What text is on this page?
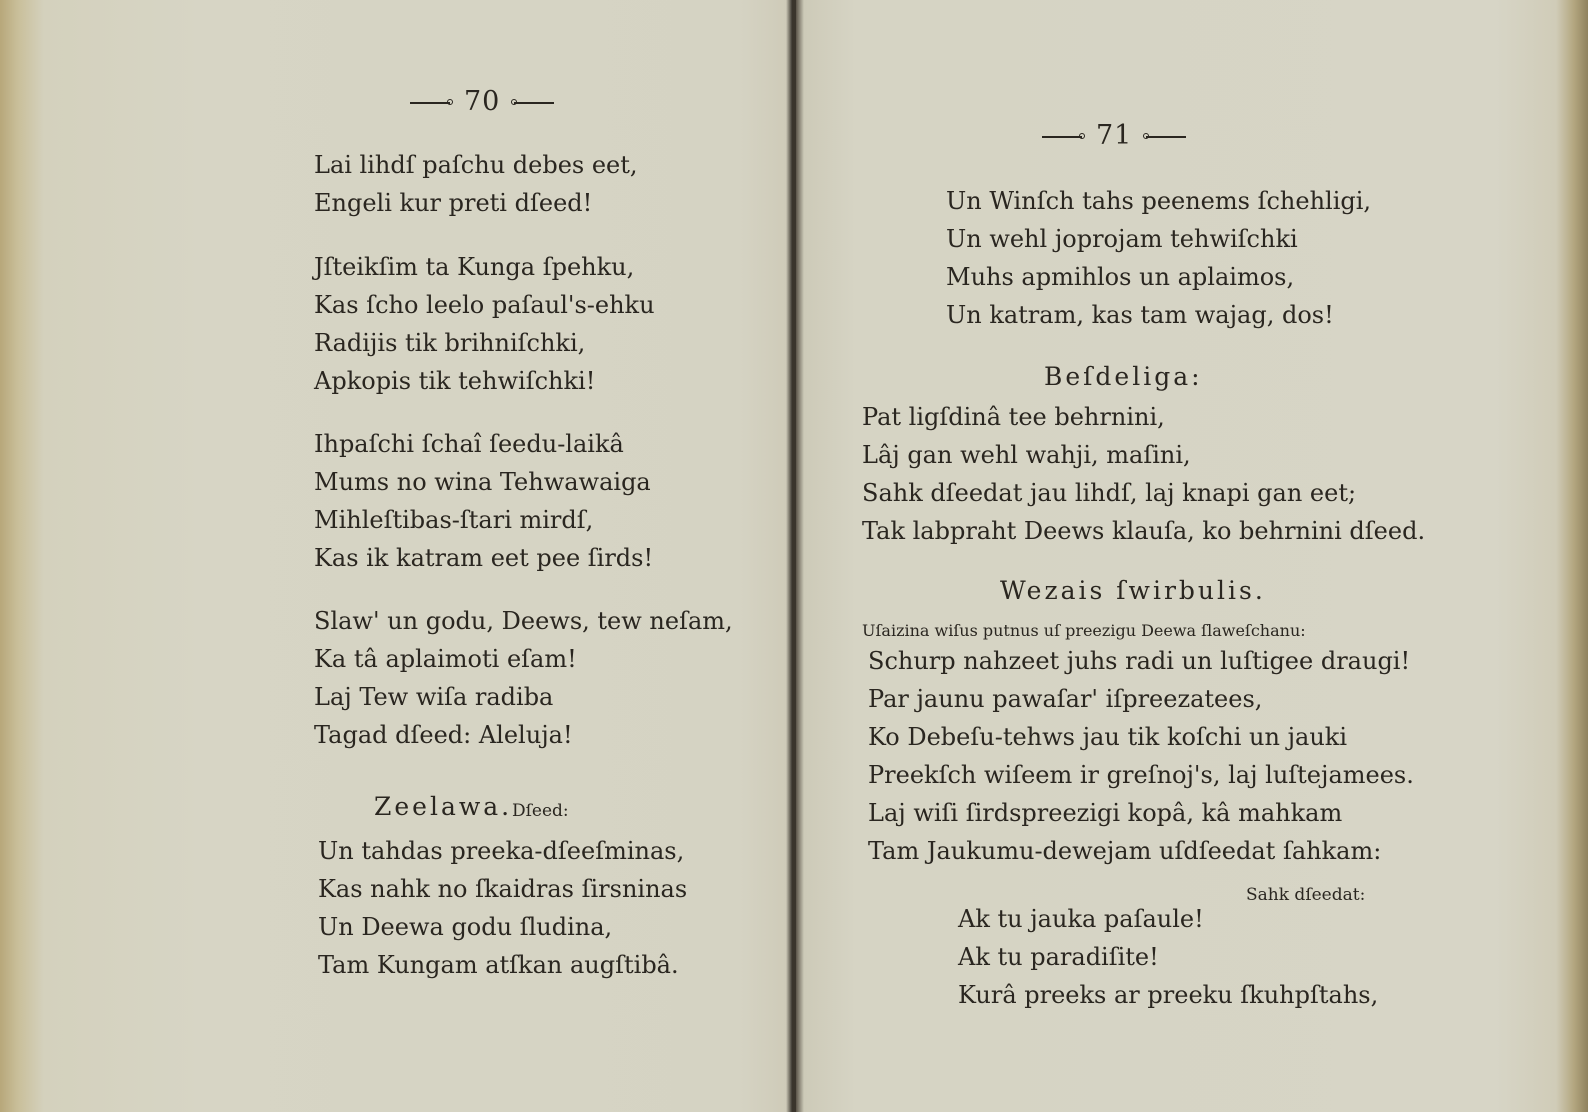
70
Lai lihdſ paſchu debes eet,
Engeli kur preti dſeed!
Jſteikſim ta Kunga ſpehku,
Kas ſcho leelo paſaul's-ehku
Radijis tik brihniſchki,
Apkopis tik tehwiſchki!
Ihpaſchi ſchaî ſeedu-laikâ
Mums no wina Tehwawaiga
Mihleſtibas-ſtari mirdſ,
Kas ik katram eet pee ſirds!
Slaw' un godu, Deews, tew neſam,
Ka tâ aplaimoti eſam!
Laj Tew wiſa radiba
Tagad dſeed: Aleluja!
Zeelawa. Dſeed:
Un tahdas preeka-dſeeſminas,
Kas nahk no ſkaidras ſirsninas
Un Deewa godu ſludina,
Tam Kungam atſkan augſtibâ.
71
Un Winſch tahs peenems ſchehligi,
Un wehl joprojam tehwiſchki
Muhs apmihlos un aplaimos,
Un katram, kas tam wajag, dos!
Beſdeliga:
Pat ligſdinâ tee behrnini,
Lâj gan wehl wahji, maſini,
Sahk dſeedat jau lihdſ, laj knapi gan eet;
Tak labpraht Deews klauſa, ko behrnini dſeed.
Wezais ſwirbulis.
Uſaizina wiſus putnus uſ preezigu Deewa ſlaweſchanu:
Schurp nahzeet juhs radi un luſtigee draugi!
Par jaunu pawaſar' iſpreezatees,
Ko Debeſu-tehws jau tik koſchi un jauki
Preekſch wiſeem ir greſnoj's, laj luſtejamees.
Laj wiſi ſirdspreezigi kopâ, kâ mahkam
Tam Jaukumu-dewejam uſdſeedat ſahkam:
Sahk dſeedat:
Ak tu jauka paſaule!
Ak tu paradiſite!
Kurâ preeks ar preeku ſkuhpſtahs,
